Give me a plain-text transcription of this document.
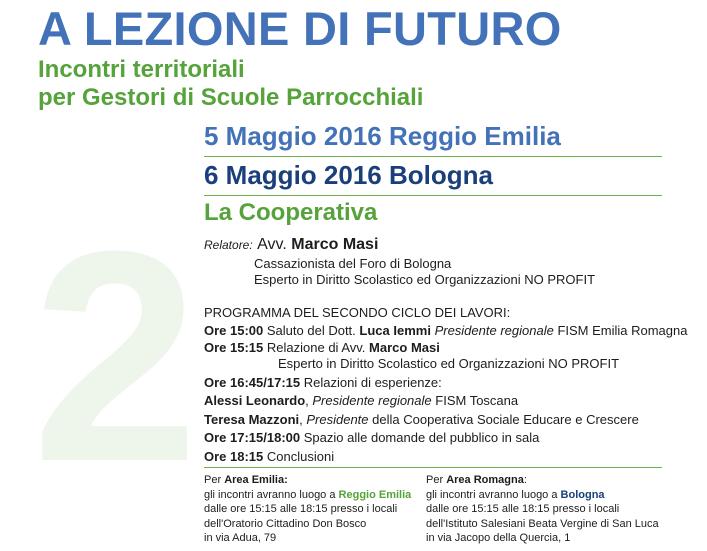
2
A LEZIONE DI FUTURO
Incontri territoriali
per Gestori di Scuole Parrocchiali
5 Maggio 2016 Reggio Emilia
6 Maggio 2016 Bologna
La Cooperativa
Relatore: Avv. Marco Masi
Cassazionista del Foro di Bologna
Esperto in Diritto Scolastico ed Organizzazioni NO PROFIT
PROGRAMMA DEL SECONDO CICLO DEI LAVORI:
Ore 15:00 Saluto del Dott. Luca Iemmi Presidente regionale FISM Emilia Romagna
Ore 15:15 Relazione di Avv. Marco Masi
Esperto in Diritto Scolastico ed Organizzazioni NO PROFIT
Ore 16:45/17:15 Relazioni di esperienze:
Alessi Leonardo, Presidente regionale FISM Toscana
Teresa Mazzoni, Presidente della Cooperativa Sociale Educare e Crescere
Ore 17:15/18:00 Spazio alle domande del pubblico in sala
Ore 18:15 Conclusioni
Per Area Emilia:
gli incontri avranno luogo a Reggio Emilia
dalle ore 15:15 alle 18:15 presso i locali
dell'Oratorio Cittadino Don Bosco
in via Adua, 79
Per Area Romagna:
gli incontri avranno luogo a Bologna
dalle ore 15:15 alle 18:15 presso i locali
dell'Istituto Salesiani Beata Vergine di San Luca
in via Jacopo della Quercia, 1
